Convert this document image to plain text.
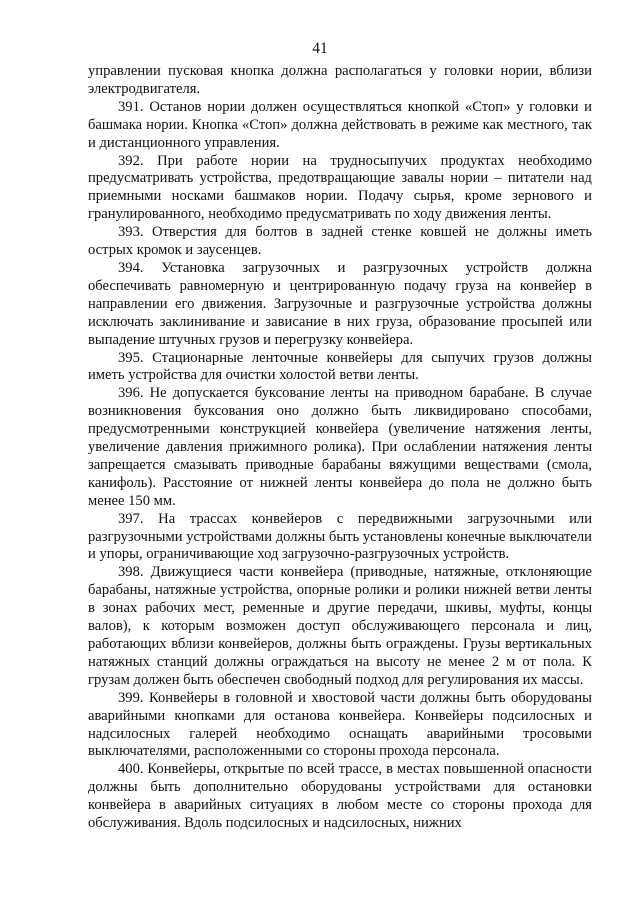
41

управлении пусковая кнопка должна располагаться у головки нории, вблизи электродвигателя.

391. Останов нории должен осуществляться кнопкой «Стоп» у головки и башмака нории. Кнопка «Стоп» должна действовать в режиме как местного, так и дистанционного управления.

392. При работе нории на трудносыпучих продуктах необходимо предусматривать устройства, предотвращающие завалы нории – питатели над приемными носками башмаков нории. Подачу сырья, кроме зернового и гранулированного, необходимо предусматривать по ходу движения ленты.

393. Отверстия для болтов в задней стенке ковшей не должны иметь острых кромок и заусенцев.

394. Установка загрузочных и разгрузочных устройств должна обеспечивать равномерную и центрированную подачу груза на конвейер в направлении его движения. Загрузочные и разгрузочные устройства должны исключать заклинивание и зависание в них груза, образование просыпей или выпадение штучных грузов и перегрузку конвейера.

395. Стационарные ленточные конвейеры для сыпучих грузов должны иметь устройства для очистки холостой ветви ленты.

396. Не допускается буксование ленты на приводном барабане. В случае возникновения буксования оно должно быть ликвидировано способами, предусмотренными конструкцией конвейера (увеличение натяжения ленты, увеличение давления прижимного ролика). При ослаблении натяжения ленты запрещается смазывать приводные барабаны вяжущими веществами (смола, канифоль). Расстояние от нижней ленты конвейера до пола не должно быть менее 150 мм.

397. На трассах конвейеров с передвижными загрузочными или разгрузочными устройствами должны быть установлены конечные выключатели и упоры, ограничивающие ход загрузочно-разгрузочных устройств.

398. Движущиеся части конвейера (приводные, натяжные, отклоняющие барабаны, натяжные устройства, опорные ролики и ролики нижней ветви ленты в зонах рабочих мест, ременные и другие передачи, шкивы, муфты, концы валов), к которым возможен доступ обслуживающего персонала и лиц, работающих вблизи конвейеров, должны быть ограждены. Грузы вертикальных натяжных станций должны ограждаться на высоту не менее 2 м от пола. К грузам должен быть обеспечен свободный подход для регулирования их массы.

399. Конвейеры в головной и хвостовой части должны быть оборудованы аварийными кнопками для останова конвейера. Конвейеры подсилосных и надсилосных галерей необходимо оснащать аварийными тросовыми выключателями, расположенными со стороны прохода персонала.

400. Конвейеры, открытые по всей трассе, в местах повышенной опасности должны быть дополнительно оборудованы устройствами для остановки конвейера в аварийных ситуациях в любом месте со стороны прохода для обслуживания. Вдоль подсилосных и надсилосных, нижних
